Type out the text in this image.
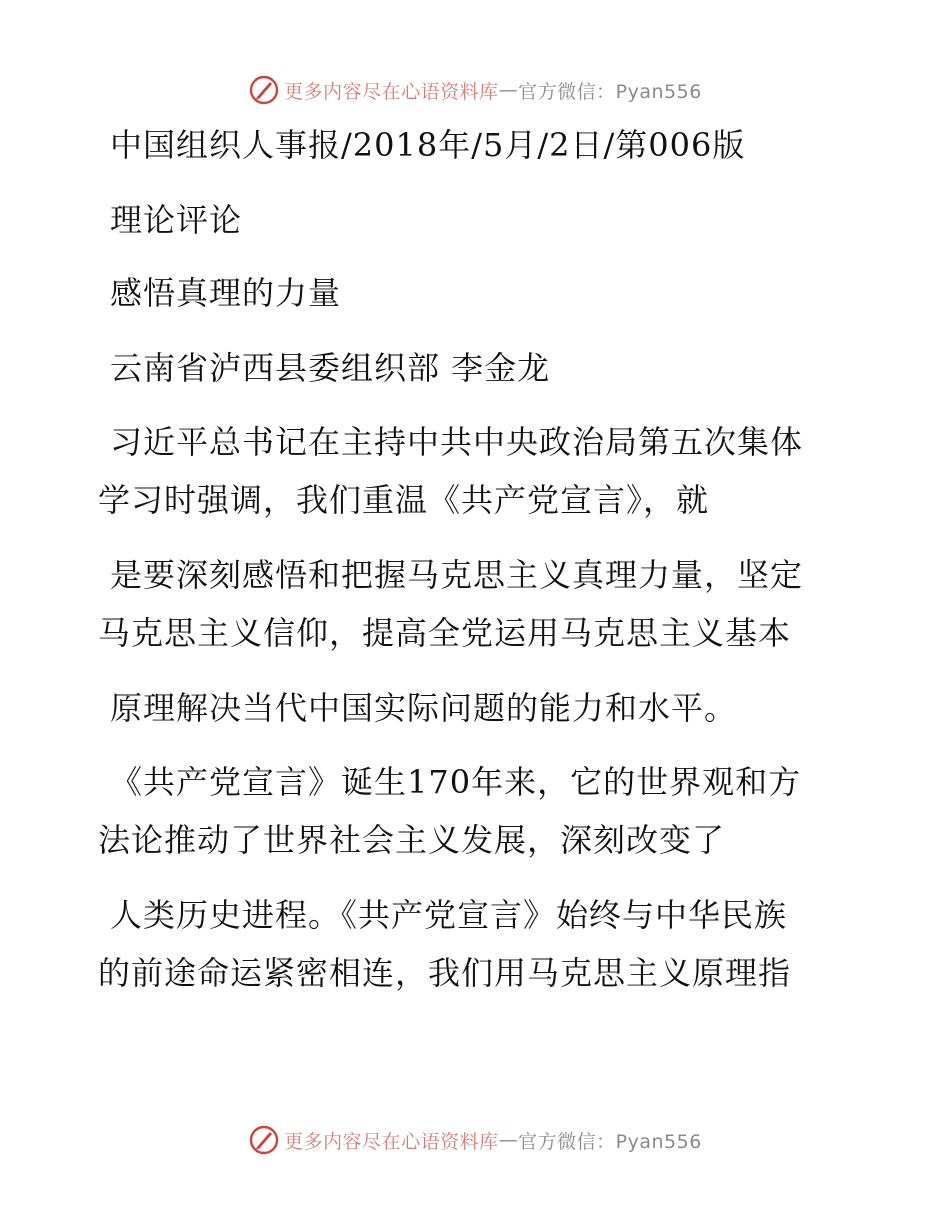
更多内容尽在心语资料库 — 官方微信：Pyan556
中国组织人事报/2018年/5月/2日/第006版
理论评论
感悟真理的力量
云南省泸西县委组织部 李金龙
习近平总书记在主持中共中央政治局第五次集体
学习时强调，我们重温《共产党宣言》，就
是要深刻感悟和把握马克思主义真理力量，坚定
马克思主义信仰，提高全党运用马克思主义基本
原理解决当代中国实际问题的能力和水平。
《共产党宣言》诞生170年来，它的世界观和方
法论推动了世界社会主义发展，深刻改变了
人类历史进程。《共产党宣言》始终与中华民族
的前途命运紧密相连，我们用马克思主义原理指
更多内容尽在心语资料库 — 官方微信：Pyan556
